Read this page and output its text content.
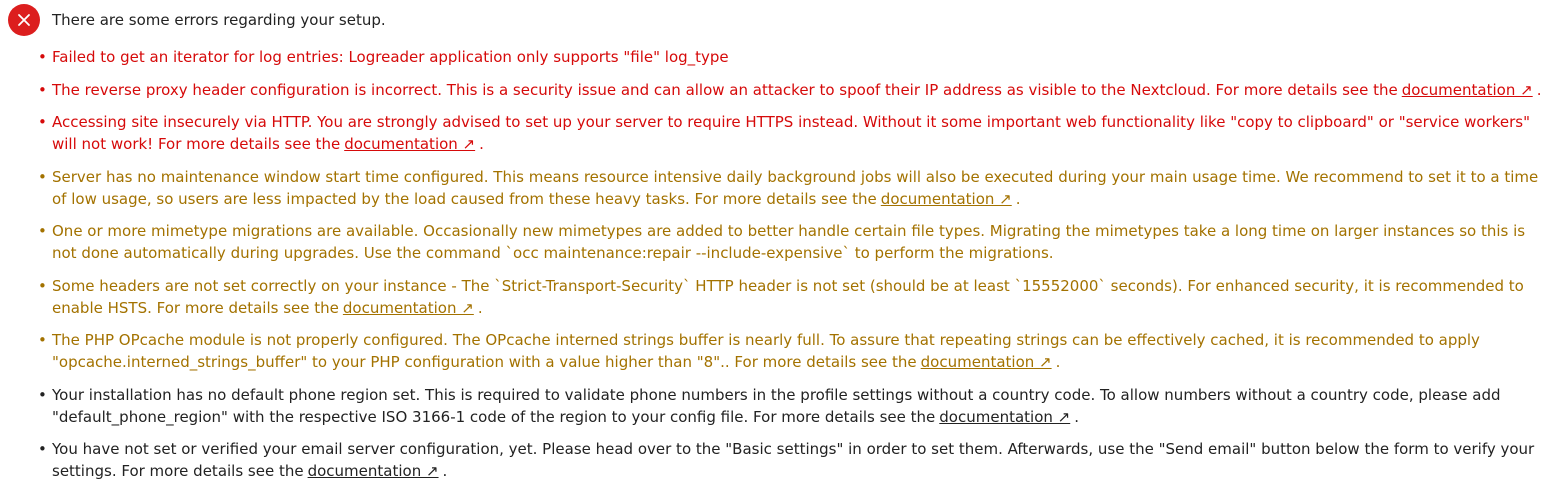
There are some errors regarding your setup.
• Failed to get an iterator for log entries: Logreader application only supports "file" log_type
• The reverse proxy header configuration is incorrect. This is a security issue and can allow an attacker to spoof their IP address as visible to the Nextcloud. For more details see the documentation ↗ .
• Accessing site insecurely via HTTP. You are strongly advised to set up your server to require HTTPS instead. Without it some important web functionality like "copy to clipboard" or "service workers" will not work! For more details see the documentation ↗ .
• Server has no maintenance window start time configured. This means resource intensive daily background jobs will also be executed during your main usage time. We recommend to set it to a time of low usage, so users are less impacted by the load caused from these heavy tasks. For more details see the documentation ↗ .
• One or more mimetype migrations are available. Occasionally new mimetypes are added to better handle certain file types. Migrating the mimetypes take a long time on larger instances so this is not done automatically during upgrades. Use the command `occ maintenance:repair --include-expensive` to perform the migrations.
• Some headers are not set correctly on your instance - The `Strict-Transport-Security` HTTP header is not set (should be at least `15552000` seconds). For enhanced security, it is recommended to enable HSTS. For more details see the documentation ↗ .
• The PHP OPcache module is not properly configured. The OPcache interned strings buffer is nearly full. To assure that repeating strings can be effectively cached, it is recommended to apply "opcache.interned_strings_buffer" to your PHP configuration with a value higher than "8".. For more details see the documentation ↗ .
• Your installation has no default phone region set. This is required to validate phone numbers in the profile settings without a country code. To allow numbers without a country code, please add "default_phone_region" with the respective ISO 3166-1 code of the region to your config file. For more details see the documentation ↗ .
• You have not set or verified your email server configuration, yet. Please head over to the "Basic settings" in order to set them. Afterwards, use the "Send email" button below the form to verify your settings. For more details see the documentation ↗ .
